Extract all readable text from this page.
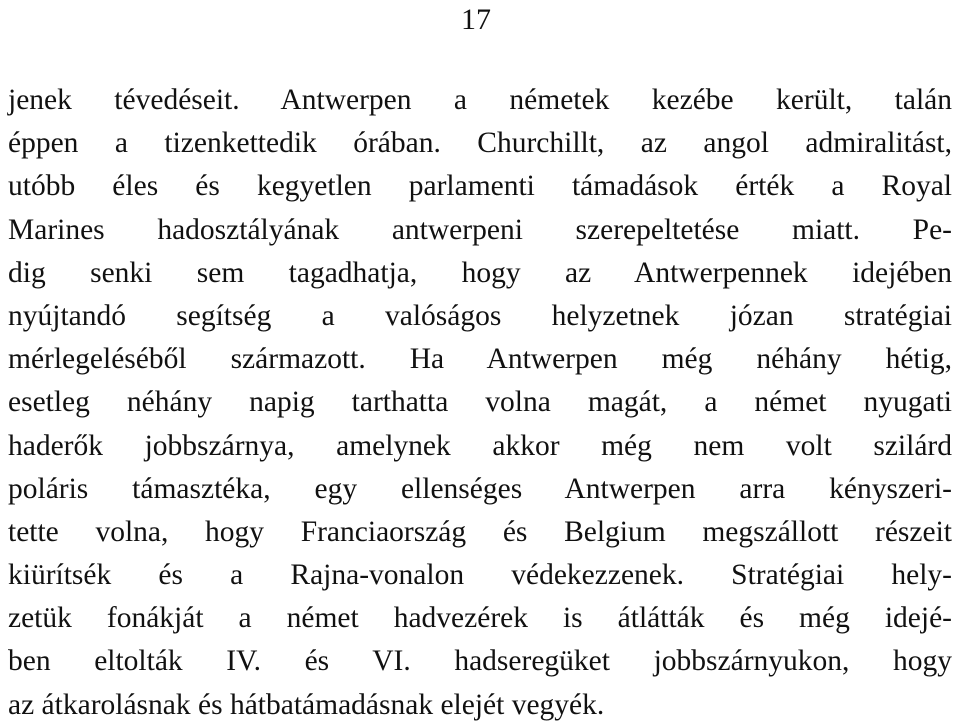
17
jenek tévedéseit. Antwerpen a németek kezébe került, talán
éppen a tizenkettedik órában. Churchillt, az angol admiralitást,
utóbb éles és kegyetlen parlamenti támadások érték a Royal
Marines hadosztályának antwerpeni szerepeltetése miatt. Pe-
dig senki sem tagadhatja, hogy az Antwerpennek idejében
nyújtandó segítség a valóságos helyzetnek józan stratégiai
mérlegeléséből származott. Ha Antwerpen még néhány hétig,
esetleg néhány napig tarthatta volna magát, a német nyugati
haderők jobbszárnya, amelynek akkor még nem volt szilárd
poláris támasztéka, egy ellenséges Antwerpen arra kényszeri-
tette volna, hogy Franciaország és Belgium megszállott részeit
kiürítsék és a Rajna-vonalon védekezzenek. Stratégiai hely-
zetük fonákját a német hadvezérek is átlátták és még idejé-
ben eltolták IV. és VI. hadseregüket jobbszárnyukon, hogy
az átkarolásnak és hátbatámadásnak elejét vegyék.
